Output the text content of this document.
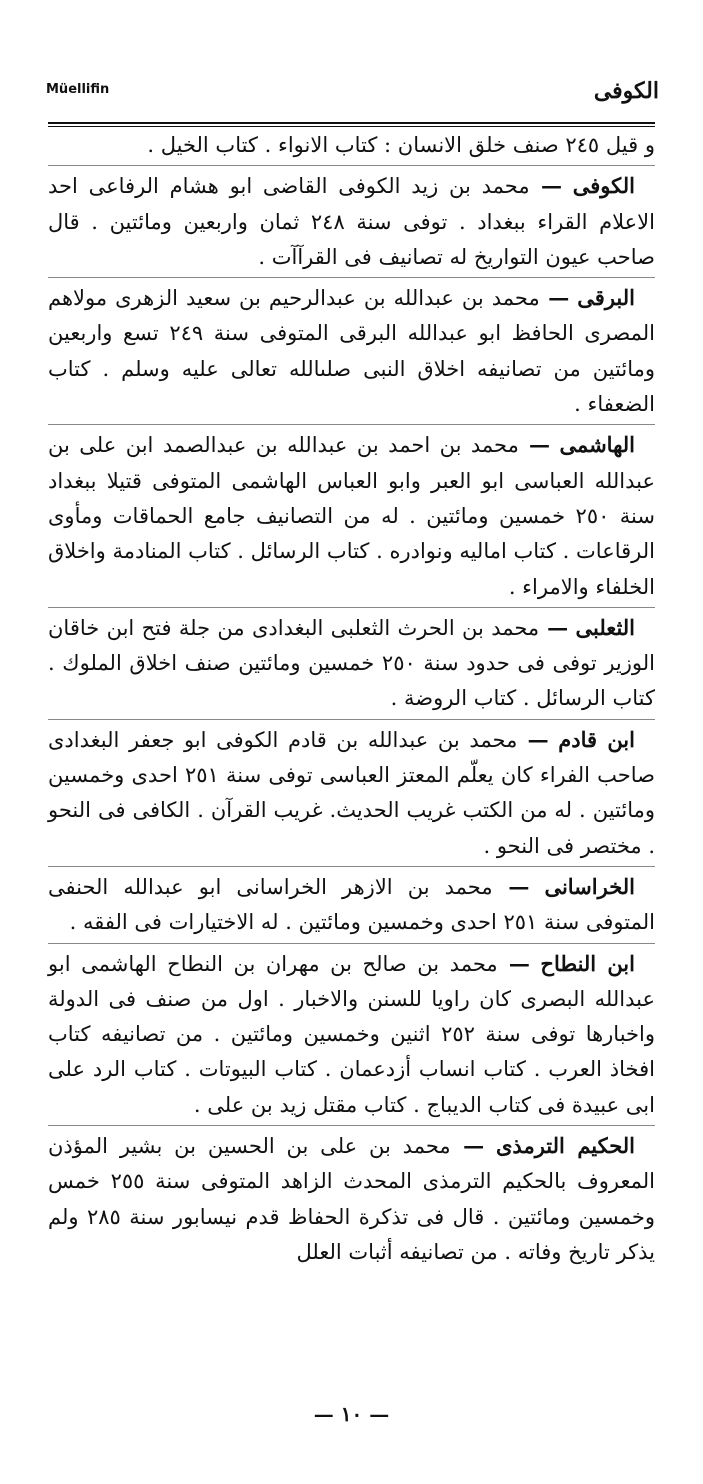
Müellifin	الكوفى

و قيل ٢٤٥ صنف خلق الانسان : كتاب الانواء . كتاب الخيل .

الكوفى — محمد بن زيد الكوفى القاضى ابو هشام الرفاعى احد الاعلام القراء ببغداد . توفى سنة ٢٤٨ ثمان واربعين ومائتين . قال صاحب عيون التواريخ له تصانيف فى القرآآت .

البرقى — محمد بن عبدالله بن عبدالرحيم بن سعيد الزهرى مولاهم المصرى الحافظ ابو عبدالله البرقى المتوفى سنة ٢٤٩ تسع واربعين ومائتين من تصانيفه اخلاق النبى صلىالله تعالى عليه وسلم . كتاب الضعفاء .

الهاشمى — محمد بن احمد بن عبدالله بن عبدالصمد ابن على بن عبدالله العباسى ابو العبر وابو العباس الهاشمى المتوفى قتيلا ببغداد سنة ٢٥٠ خمسين ومائتين . له من التصانيف جامع الحماقات ومأوى الرقاعات . كتاب اماليه ونوادره . كتاب الرسائل . كتاب المنادمة واخلاق الخلفاء والامراء .

الثعلبى — محمد بن الحرث الثعلبى البغدادى من جلة فتح ابن خاقان الوزير توفى فى حدود سنة ٢٥٠ خمسين ومائتين صنف اخلاق الملوك . كتاب الرسائل . كتاب الروضة .

ابن قادم — محمد بن عبدالله بن قادم الكوفى ابو جعفر البغدادى صاحب الفراء كان يعلّم المعتز العباسى توفى سنة ٢٥١ احدى وخمسين ومائتين . له من الكتب غريب الحديث. غريب القرآن . الكافى فى النحو . مختصر فى النحو .

الخراسانى — محمد بن الازهر الخراسانى ابو عبدالله الحنفى المتوفى سنة ٢٥١ احدى وخمسين ومائتين . له الاختيارات فى الفقه .

ابن النطاح — محمد بن صالح بن مهران بن النطاح الهاشمى ابو عبدالله البصرى كان راويا للسنن والاخبار . اول من صنف فى الدولة واخبارها توفى سنة ٢٥٢ اثنين وخمسين ومائتين . من تصانيفه كتاب افخاذ العرب . كتاب انساب أزدعمان . كتاب البيوتات . كتاب الرد على ابى عبيدة فى كتاب الديباج . كتاب مقتل زيد بن على .

الحكيم الترمذى — محمد بن على بن الحسين بن بشير المؤذن المعروف بالحكيم الترمذى المحدث الزاهد المتوفى سنة ٢٥٥ خمس وخمسين ومائتين . قال فى تذكرة الحفاظ قدم نيسابور سنة ٢٨٥ ولم يذكر تاريخ وفاته . من تصانيفه أثبات العلل

— ١٠ —
